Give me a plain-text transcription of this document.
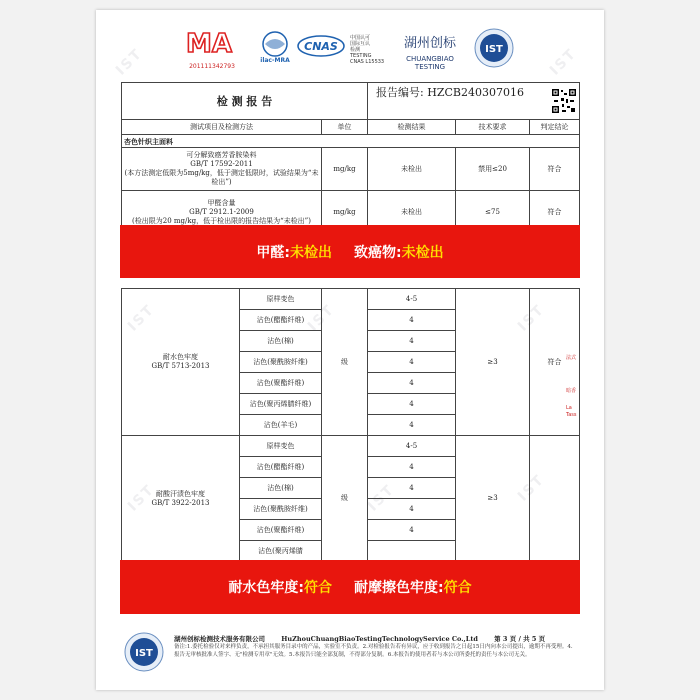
IST	IST
IST	IST	IST
IST	IST	IST
MA
201111342793
ilac-MRA
CNAS
中国认可
国际互认
检测
TESTING
CNAS L15533
湖州创标
CHUANGBIAO TESTING
IST
检 测 报 告			报告编号: HZCB240307016		

测试项目及检测方法		单位	检测结果	技术要求	判定结论
杏色针织主面料					

可分解致癌芳香胺染料
GB/T 17592-2011
(本方法测定低限为5mg/kg，低于测定低限时，试验结果为“未检出”)		mg/kg	未检出	禁用≤20	符合

甲醛含量
GB/T 2912.1-2009
(检出限为20 mg/kg，低于检出限的报告结果为“未检出”)		mg/kg	未检出	≤75	符合

耐水色牢度
GB/T 5713-2013	原样变色	级	4-5	≥3	符合
	沾色(醋酯纤维)		4		
	沾色(棉)		4		
	沾色(聚酰胺纤维)		4		
	沾色(聚酯纤维)		4		
	沾色(聚丙烯腈纤维)		4		
	沾色(羊毛)		4		

耐酸汗渍色牢度
GB/T 3922-2013	原样变色	级	4-5	≥3	
	沾色(醋酯纤维)		4		
	沾色(棉)		4		
	沾色(聚酰胺纤维)		4		
	沾色(聚酯纤维)		4		
	沾色(聚丙烯腈				
甲醛:未检出 致癌物:未检出
耐水色牢度:符合 耐摩擦色牢度:符合
法式
暗香
La Tass
IST
湖州创标检测技术服务有限公司	HuZhouChuangBiaoTestingTechnologyService Co.,Ltd	第 3 页 / 共 5 页
备注:1.委托检验仅对来样负责，不承担其服务目录中的产品，实验室不负责。2.对检验报告若有异议，应于收到报告之日起15日内向本公司提出，逾期不再受理。4.报告无审核批准人签字、无"检测专用章"无效。5.本报告只能全部复制，不得部分复制。6.本报告的使用者若与本公司所委托的责任与本公司无关。
